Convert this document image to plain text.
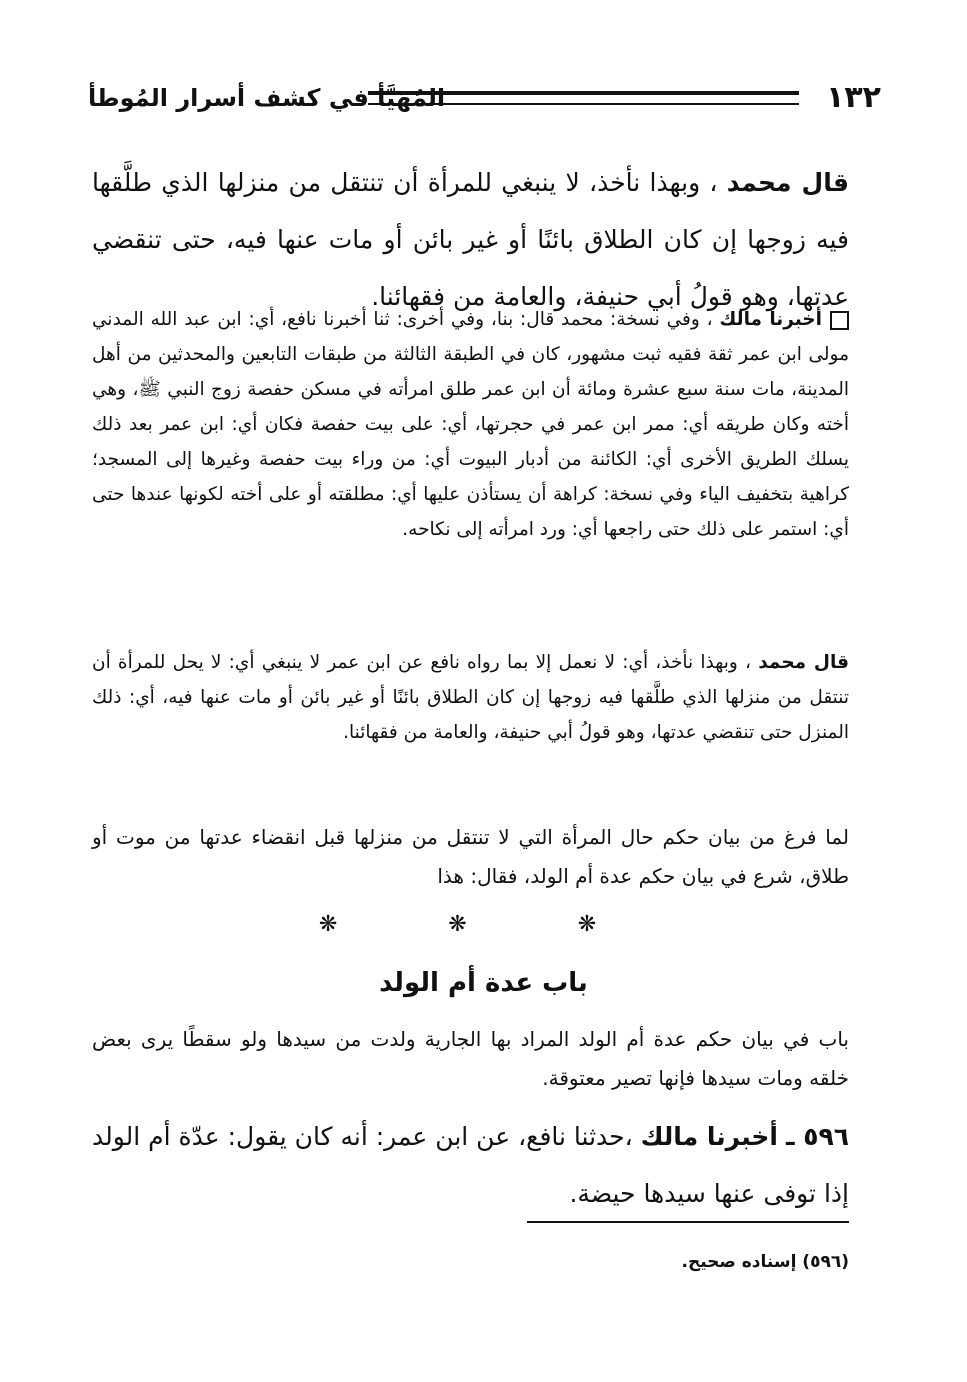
١٣٢
المُهَيَّأ في كشف أسرار المُوطأ
قال محمد ، وبهذا نأخذ، لا ينبغي للمرأة أن تنتقل من منزلها الذي طلَّقها فيه زوجها إن كان الطلاق بائنًا أو غير بائن أو مات عنها فيه، حتى تنقضي عدتها، وهو قولُ أبي حنيفة، والعامة من فقهائنا.
أخبرنا مالك ، وفي نسخة: محمد قال: بنا، وفي أخرى: ثنا أخبرنا نافع، أي: ابن عبد الله المدني مولى ابن عمر ثقة فقيه ثبت مشهور، كان في الطبقة الثالثة من طبقات التابعين والمحدثين من أهل المدينة، مات سنة سبع عشرة ومائة أن ابن عمر طلق امرأته في مسكن حفصة زوج النبي ﷺ، وهي أخته وكان طريقه أي: ممر ابن عمر في حجرتها، أي: على بيت حفصة فكان أي: ابن عمر بعد ذلك يسلك الطريق الأخرى أي: الكائنة من أدبار البيوت أي: من وراء بيت حفصة وغيرها إلى المسجد؛ كراهية بتخفيف الياء وفي نسخة: كراهة أن يستأذن عليها أي: مطلقته أو على أخته لكونها عندها حتى أي: استمر على ذلك حتى راجعها أي: ورد امرأته إلى نكاحه.
قال محمد ، وبهذا نأخذ، أي: لا نعمل إلا بما رواه نافع عن ابن عمر لا ينبغي أي: لا يحل للمرأة أن تنتقل من منزلها الذي طلَّقها فيه زوجها إن كان الطلاق بائنًا أو غير بائن أو مات عنها فيه، أي: ذلك المنزل حتى تنقضي عدتها، وهو قولُ أبي حنيفة، والعامة من فقهائنا.
لما فرغ من بيان حكم حال المرأة التي لا تنتقل من منزلها قبل انقضاء عدتها من موت أو طلاق، شرع في بيان حكم عدة أم الولد، فقال: هذا
❋ ❋ ❋
باب عدة أم الولد
باب في بيان حكم عدة أم الولد المراد بها الجارية ولدت من سيدها ولو سقطًا يرى بعض خلقه ومات سيدها فإنها تصير معتوقة.
٥٩٦ ـ أخبرنا مالك ،حدثنا نافع، عن ابن عمر: أنه كان يقول: عدّة أم الولد إذا توفى عنها سيدها حيضة.
(٥٩٦) إسناده صحيح.
